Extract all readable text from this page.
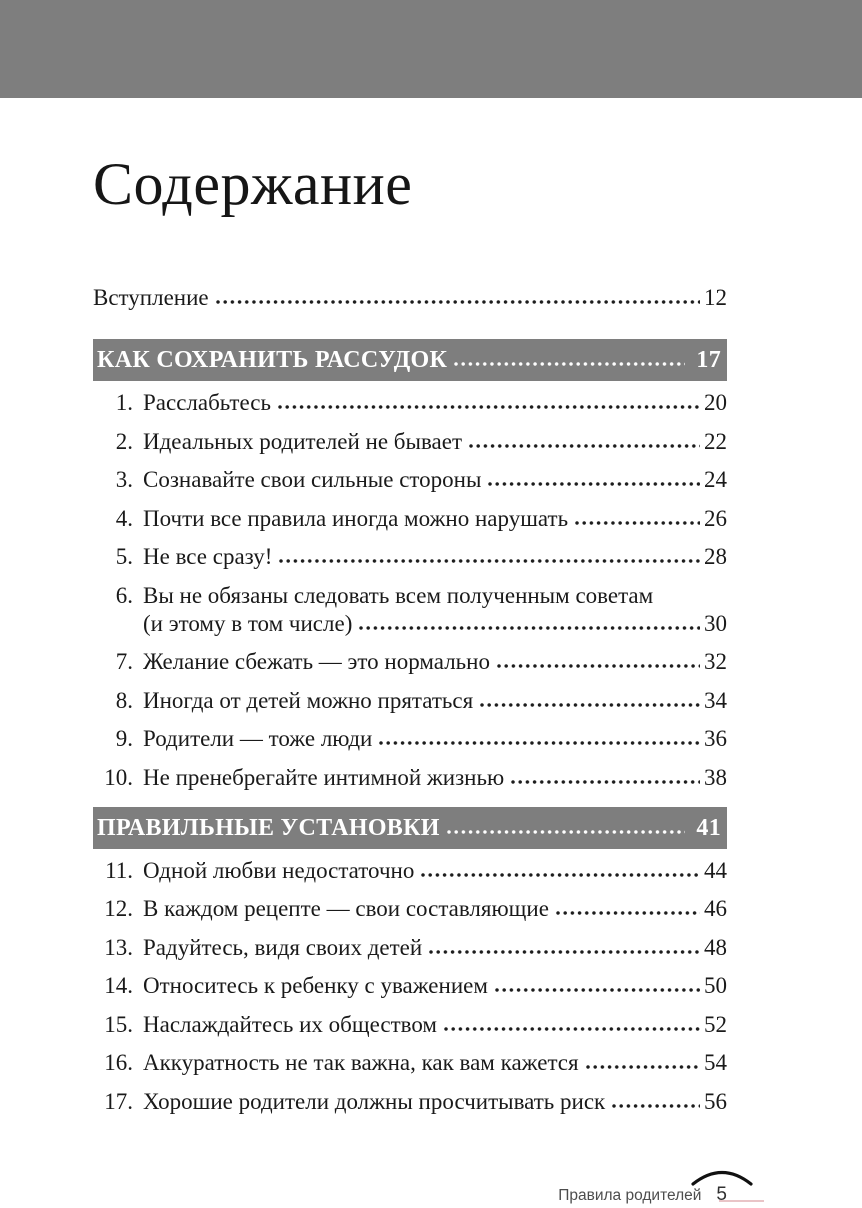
Содержание
Вступление	12
КАК СОХРАНИТЬ РАССУДОК	17
1. Расслабьтесь	20
2. Идеальных родителей не бывает	22
3. Сознавайте свои сильные стороны	24
4. Почти все правила иногда можно нарушать	26
5. Не все сразу!	28
6. Вы не обязаны следовать всем полученным советам
(и этому в том числе)	30
7. Желание сбежать — это нормально	32
8. Иногда от детей можно прятаться	34
9. Родители — тоже люди	36
10. Не пренебрегайте интимной жизнью	38
ПРАВИЛЬНЫЕ УСТАНОВКИ	41
11. Одной любви недостаточно	44
12. В каждом рецепте — свои составляющие	46
13. Радуйтесь, видя своих детей	48
14. Относитесь к ребенку с уважением	50
15. Наслаждайтесь их обществом	52
16. Аккуратность не так важна, как вам кажется	54
17. Хорошие родители должны просчитывать риск	56
Правила родителей 5
